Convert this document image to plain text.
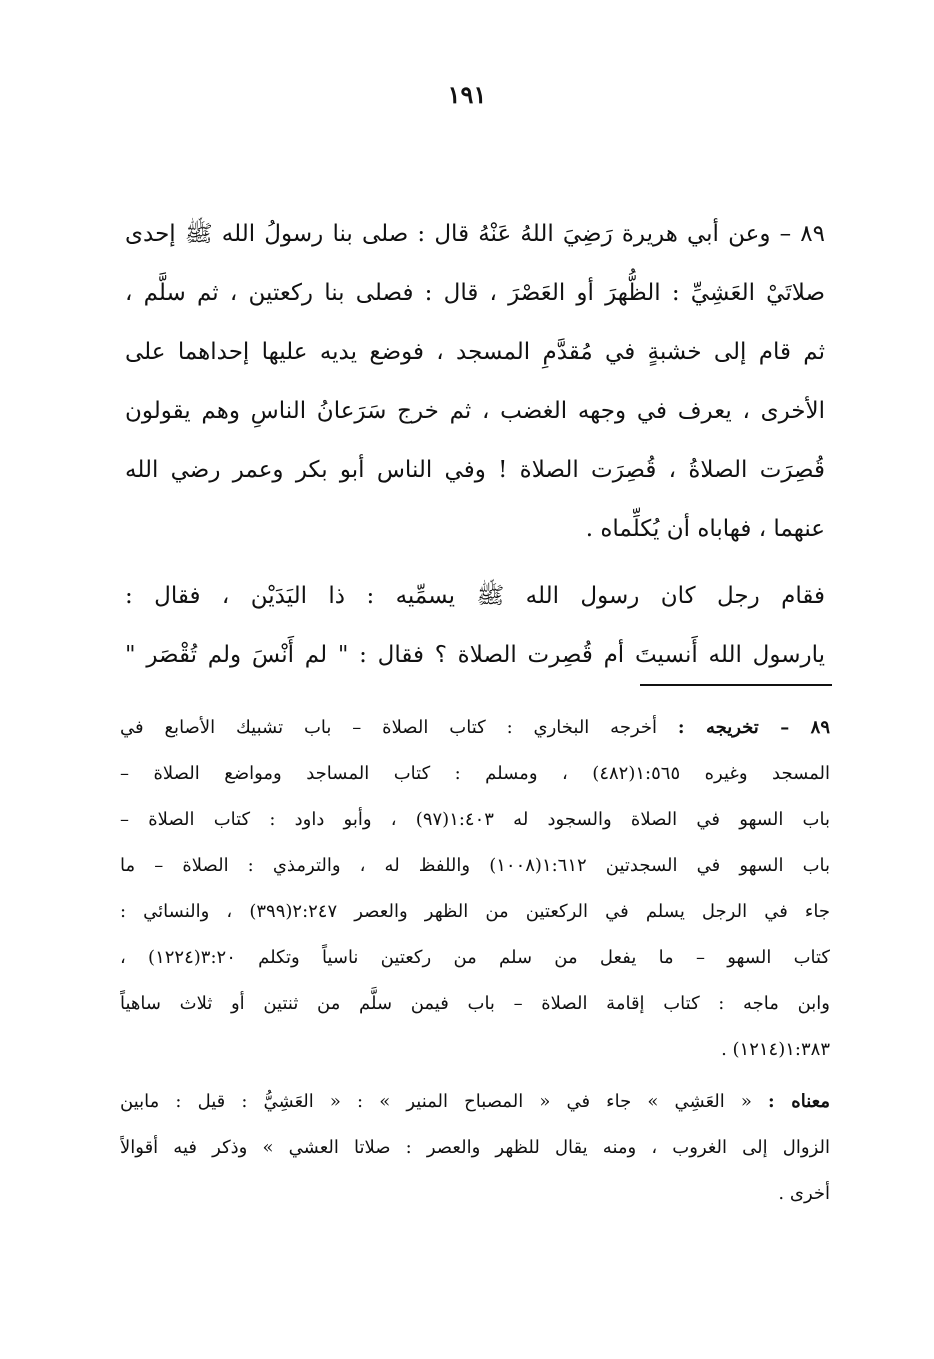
١٩١
٨٩ – وعن أبي هريرة رَضِيَ اللهُ عَنْهُ قال : صلى بنا رسولُ الله ﷺ إحدى
صلاتَيْ العَشِيِّ : الظُّهرَ أو العَصْرَ ، قال : فصلى بنا ركعتين ، ثم سلَّم ،
ثم قام إلى خشبةٍ في مُقدَّمِ المسجد ، فوضع يديه عليها إحداهما على
الأخرى ، يعرف في وجهه الغضب ، ثم خرج سَرَعانُ الناسِ وهم يقولون
قُصِرَت الصلاةُ ، قُصِرَت الصلاة ! وفي الناس أبو بكر وعمر رضي الله
عنهما ، فهاباه أن يُكلِّماه .
فقام رجل كان رسول الله ﷺ يسمِّيه : ذا اليَدَيْن ، فقال :
يارسول الله أَنسيتَ أم قُصِرت الصلاة ؟ فقال : " لم أَنْسَ ولم تُقْصَر "
٨٩ – تخريجه : أخرجه البخاري : كتاب الصلاة – باب تشبيك الأصابع في
المسجد وغيره ١:٥٦٥(٤٨٢) ، ومسلم : كتاب المساجد ومواضع الصلاة –
باب السهو في الصلاة والسجود له ١:٤٠٣(٩٧) ، وأبو داود : كتاب الصلاة –
باب السهو في السجدتين ١:٦١٢(١٠٠٨) واللفظ له ، والترمذي : الصلاة – ما
جاء في الرجل يسلم في الركعتين من الظهر والعصر ٢:٢٤٧(٣٩٩) ، والنسائي :
كتاب السهو – ما يفعل من سلم من ركعتين ناسياً وتكلم ٣:٢٠(١٢٢٤) ،
وابن ماجه : كتاب إقامة الصلاة – باب فيمن سلَّم من ثنتين أو ثلاث ساهياً
١:٣٨٣(١٢١٤) .
معناه : « العَشِي » جاء في « المصباح المنير » : « العَشِيُّ : قيل : مابين
الزوال إلى الغروب ، ومنه يقال للظهر والعصر : صلاتا العشي » وذكر فيه أقوالاً
أخرى .
